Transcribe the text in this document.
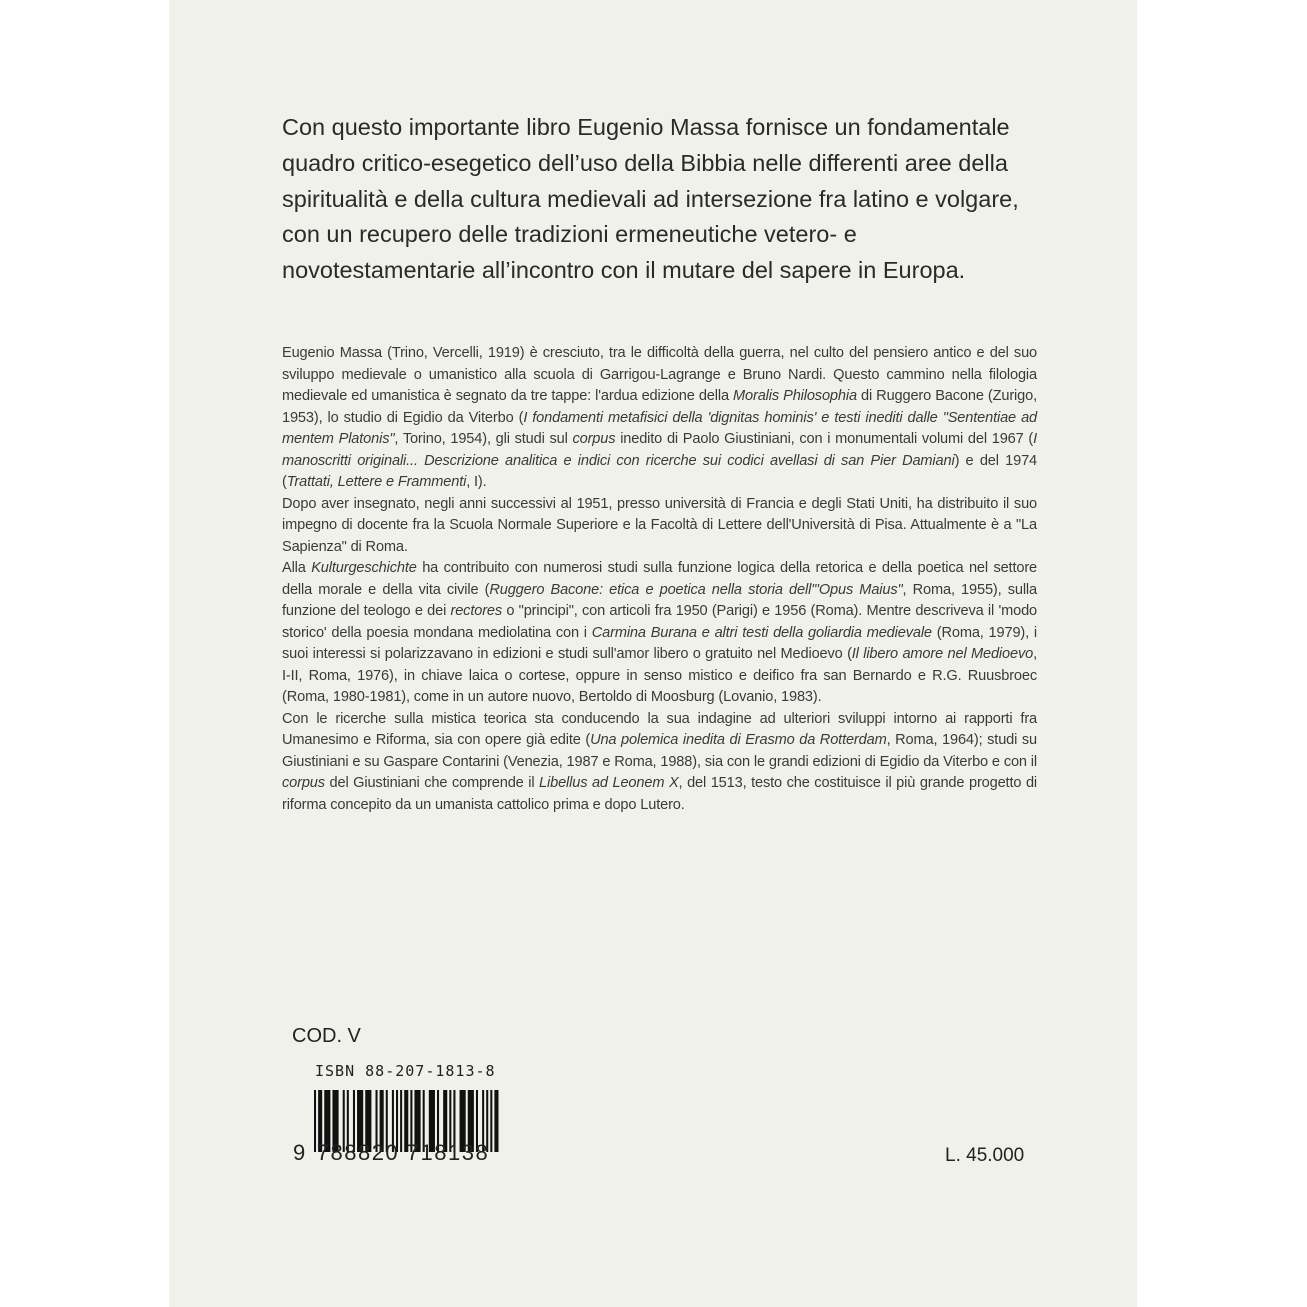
Con questo importante libro Eugenio Massa fornisce un fondamentale quadro critico-esegetico dell’uso della Bibbia nelle differenti aree della spiritualità e della cultura medievali ad intersezione fra latino e volgare, con un recupero delle tradizioni ermeneutiche vetero- e novotestamentarie all’incontro con il mutare del sapere in Europa.

Eugenio Massa (Trino, Vercelli, 1919) è cresciuto, tra le difficoltà della guerra, nel culto del pensiero antico e del suo sviluppo medievale o umanistico alla scuola di Garrigou-Lagrange e Bruno Nardi. Questo cammino nella filologia medievale ed umanistica è segnato da tre tappe: l'ardua edizione della Moralis Philosophia di Ruggero Bacone (Zurigo, 1953), lo studio di Egidio da Viterbo (I fondamenti metafisici della 'dignitas hominis' e testi inediti dalle "Sententiae ad mentem Platonis", Torino, 1954), gli studi sul corpus inedito di Paolo Giustiniani, con i monumentali volumi del 1967 (I manoscritti originali... Descrizione analitica e indici con ricerche sui codici avellasi di san Pier Damiani) e del 1974 (Trattati, Lettere e Frammenti, I).

Dopo aver insegnato, negli anni successivi al 1951, presso università di Francia e degli Stati Uniti, ha distribuito il suo impegno di docente fra la Scuola Normale Superiore e la Facoltà di Lettere dell'Università di Pisa. Attualmente è a "La Sapienza" di Roma.

Alla Kulturgeschichte ha contribuito con numerosi studi sulla funzione logica della retorica e della poetica nel settore della morale e della vita civile (Ruggero Bacone: etica e poetica nella storia dell'"Opus Maius", Roma, 1955), sulla funzione del teologo e dei rectores o "principi", con articoli fra 1950 (Parigi) e 1956 (Roma). Mentre descriveva il 'modo storico' della poesia mondana mediolatina con i Carmina Burana e altri testi della goliardia medievale (Roma, 1979), i suoi interessi si polarizzavano in edizioni e studi sull'amor libero o gratuito nel Medioevo (Il libero amore nel Medioevo, I-II, Roma, 1976), in chiave laica o cortese, oppure in senso mistico e deifico fra san Bernardo e R.G. Ruusbroec (Roma, 1980-1981), come in un autore nuovo, Bertoldo di Moosburg (Lovanio, 1983).

Con le ricerche sulla mistica teorica sta conducendo la sua indagine ad ulteriori sviluppi intorno ai rapporti fra Umanesimo e Riforma, sia con opere già edite (Una polemica inedita di Erasmo da Rotterdam, Roma, 1964); studi su Giustiniani e su Gaspare Contarini (Venezia, 1987 e Roma, 1988), sia con le grandi edizioni di Egidio da Viterbo e con il corpus del Giustiniani che comprende il Libellus ad Leonem X, del 1513, testo che costituisce il più grande progetto di riforma concepito da un umanista cattolico prima e dopo Lutero.

COD. V
ISBN 88-207-1813-8
9 788820 718138	L. 45.000
